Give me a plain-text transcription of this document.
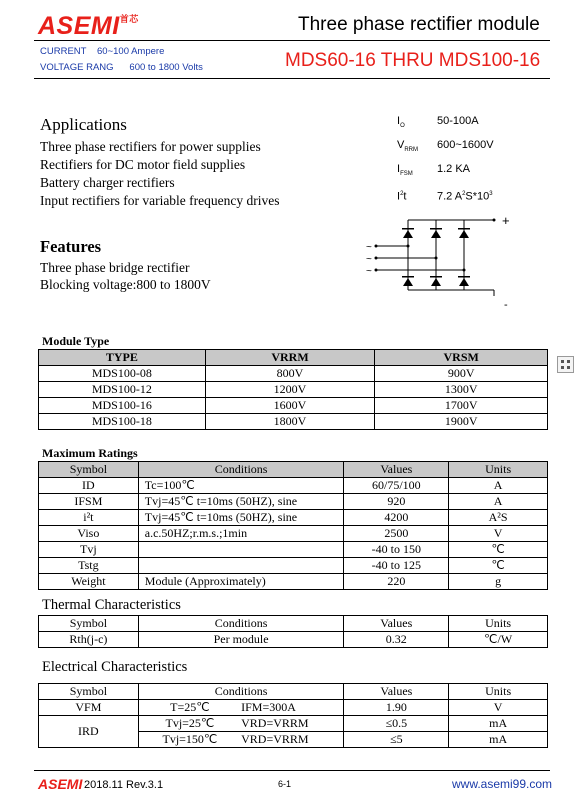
$ASEMI^{首芯}$	Three phase rectifier module
CURRENT 60~100 Ampere
VOLTAGE RANG 600 to 1800 Volts	MDS60-16 THRU MDS100-16
$I_O$	50-100A
$V_{RRM}$ 600~1600V
$I_{FSM}$ 1.2 KA
$I^2t$	7.2 $A^2S*10^3$
Applications
Three phase rectifiers for power supplies
Rectifiers for DC motor field supplies
Battery charger rectifiers
Input rectifiers for variable frequency drives
Features
Three phase bridge rectifier
Blocking voltage:800 to 1800V
+
-
~
~
~
Module Type
TYPE	VRRM	VRSM
MDS100-08	800V	900V
MDS100-12	1200V	1300V
MDS100-16	1600V	1700V
MDS100-18	1800V	1900V
Maximum Ratings
Symbol	Conditions	Values	Units
ID	Tc=100℃	60/75/100	A
IFSM	Tvj=45℃ t=10ms (50HZ), sine	920	A
i²t	Tvj=45℃ t=10ms (50HZ), sine	4200	A²S
Viso	a.c.50HZ;r.m.s.;1min	2500	V
Tvj		-40 to 150	℃
Tstg		-40 to 125	℃
Weight	Module (Approximately)	220	g
Thermal Characteristics
Symbol	Conditions	Values	Units
Rth(j-c)	Per module	0.32	℃/W
Electrical Characteristics
Symbol	Conditions		Values	Units
VFM	T=25℃	IFM=300A	1.90	V
IRD	Tvj=25℃	VRD=VRRM	≤0.5	mA
	Tvj=150℃	VRD=VRRM	≤5	mA
ASEMI 2018.11 Rev.3.1	6-1	www.asemi99.com
